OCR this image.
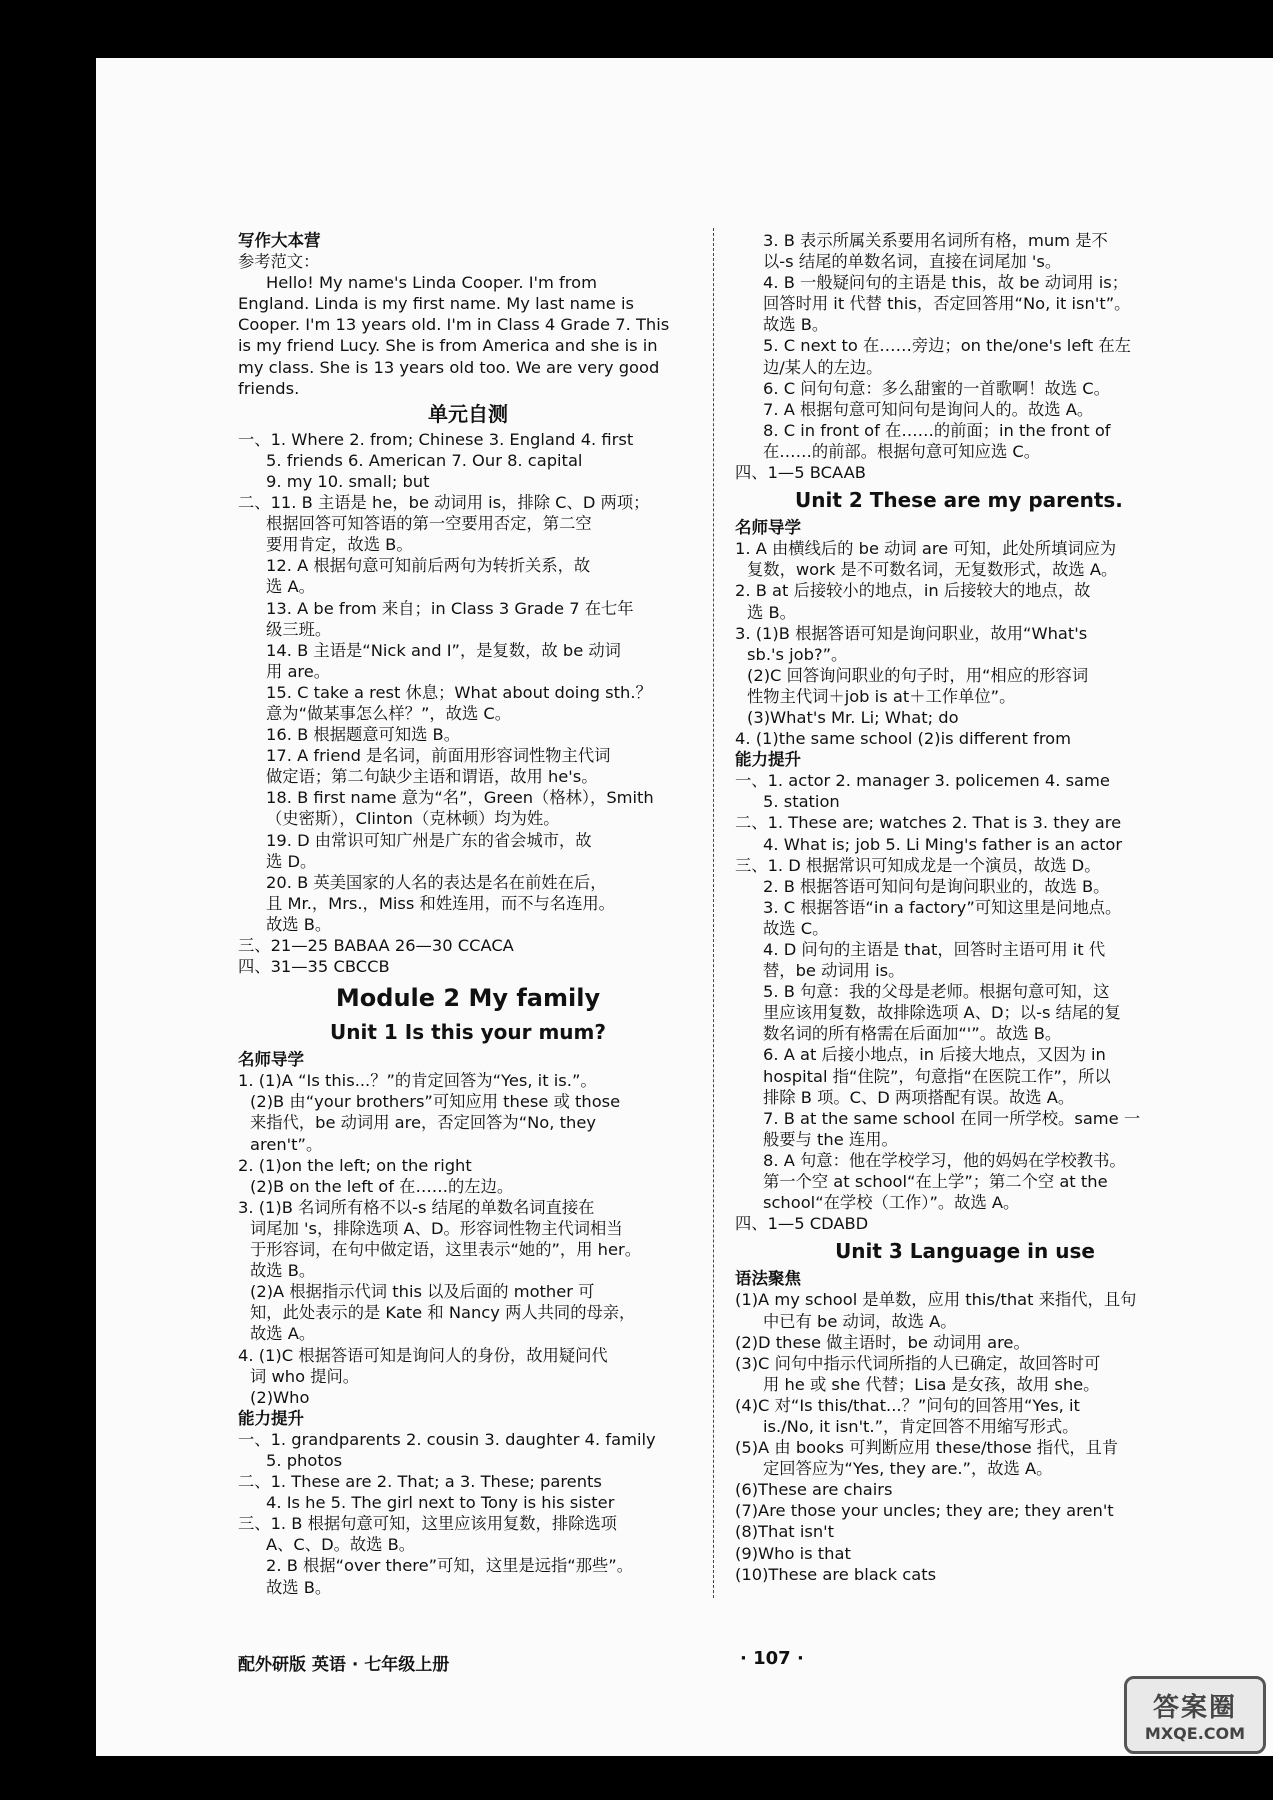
写作大本营
参考范文：
Hello! My name's Linda Cooper. I'm from
England. Linda is my first name. My last name is
Cooper. I'm 13 years old. I'm in Class 4 Grade 7. This
is my friend Lucy. She is from America and she is in
my class. She is 13 years old too. We are very good
friends.
单元自测
一、1. Where 2. from; Chinese 3. England 4. first
5. friends 6. American 7. Our 8. capital
9. my 10. small; but
二、11. B 主语是 he，be 动词用 is，排除 C、D 两项；
根据回答可知答语的第一空要用否定，第二空
要用肯定，故选 B。
12. A 根据句意可知前后两句为转折关系，故
选 A。
13. A be from 来自；in Class 3 Grade 7 在七年
级三班。
14. B 主语是“Nick and I”，是复数，故 be 动词
用 are。
15. C take a rest 休息；What about doing sth.？
意为“做某事怎么样？”，故选 C。
16. B 根据题意可知选 B。
17. A friend 是名词，前面用形容词性物主代词
做定语；第二句缺少主语和谓语，故用 he's。
18. B first name 意为“名”，Green（格林），Smith
（史密斯），Clinton（克林顿）均为姓。
19. D 由常识可知广州是广东的省会城市，故
选 D。
20. B 英美国家的人名的表达是名在前姓在后，
且 Mr.，Mrs.，Miss 和姓连用，而不与名连用。
故选 B。
三、21—25 BABAA 26—30 CCACA
四、31—35 CBCCB
Module 2 My family
Unit 1 Is this your mum?
名师导学
1. (1)A “Is this...？”的肯定回答为“Yes, it is.”。
(2)B 由“your brothers”可知应用 these 或 those
来指代，be 动词用 are，否定回答为“No, they
aren't”。
2. (1)on the left; on the right
(2)B on the left of 在……的左边。
3. (1)B 名词所有格不以-s 结尾的单数名词直接在
词尾加 's，排除选项 A、D。形容词性物主代词相当
于形容词，在句中做定语，这里表示“她的”，用 her。
故选 B。
(2)A 根据指示代词 this 以及后面的 mother 可
知，此处表示的是 Kate 和 Nancy 两人共同的母亲，
故选 A。
4. (1)C 根据答语可知是询问人的身份，故用疑问代
词 who 提问。
(2)Who
能力提升
一、1. grandparents 2. cousin 3. daughter 4. family
5. photos
二、1. These are 2. That; a 3. These; parents
4. Is he 5. The girl next to Tony is his sister
三、1. B 根据句意可知，这里应该用复数，排除选项
A、C、D。故选 B。
2. B 根据“over there”可知，这里是远指“那些”。
故选 B。
3. B 表示所属关系要用名词所有格，mum 是不
以-s 结尾的单数名词，直接在词尾加 's。
4. B 一般疑问句的主语是 this，故 be 动词用 is；
回答时用 it 代替 this，否定回答用“No, it isn't”。
故选 B。
5. C next to 在……旁边；on the/one's left 在左
边/某人的左边。
6. C 问句句意：多么甜蜜的一首歌啊！故选 C。
7. A 根据句意可知问句是询问人的。故选 A。
8. C in front of 在……的前面；in the front of
在……的前部。根据句意可知应选 C。
四、1—5 BCAAB
Unit 2 These are my parents.
名师导学
1. A 由横线后的 be 动词 are 可知，此处所填词应为
复数，work 是不可数名词，无复数形式，故选 A。
2. B at 后接较小的地点，in 后接较大的地点，故
选 B。
3. (1)B 根据答语可知是询问职业，故用“What's
sb.'s job?”。
(2)C 回答询问职业的句子时，用“相应的形容词
性物主代词＋job is at＋工作单位”。
(3)What's Mr. Li; What; do
4. (1)the same school (2)is different from
能力提升
一、1. actor 2. manager 3. policemen 4. same
5. station
二、1. These are; watches 2. That is 3. they are
4. What is; job 5. Li Ming's father is an actor
三、1. D 根据常识可知成龙是一个演员，故选 D。
2. B 根据答语可知问句是询问职业的，故选 B。
3. C 根据答语“in a factory”可知这里是问地点。
故选 C。
4. D 问句的主语是 that，回答时主语可用 it 代
替，be 动词用 is。
5. B 句意：我的父母是老师。根据句意可知，这
里应该用复数，故排除选项 A、D；以-s 结尾的复
数名词的所有格需在后面加“'”。故选 B。
6. A at 后接小地点，in 后接大地点，又因为 in
hospital 指“住院”，句意指“在医院工作”，所以
排除 B 项。C、D 两项搭配有误。故选 A。
7. B at the same school 在同一所学校。same 一
般要与 the 连用。
8. A 句意：他在学校学习，他的妈妈在学校教书。
第一个空 at school“在上学”；第二个空 at the
school“在学校（工作）”。故选 A。
四、1—5 CDABD
Unit 3 Language in use
语法聚焦
(1)A my school 是单数，应用 this/that 来指代，且句
中已有 be 动词，故选 A。
(2)D these 做主语时，be 动词用 are。
(3)C 问句中指示代词所指的人已确定，故回答时可
用 he 或 she 代替；Lisa 是女孩，故用 she。
(4)C 对“Is this/that...？”问句的回答用“Yes, it
is./No, it isn't.”，肯定回答不用缩写形式。
(5)A 由 books 可判断应用 these/those 指代，且肯
定回答应为“Yes, they are.”，故选 A。
(6)These are chairs
(7)Are those your uncles; they are; they aren't
(8)That isn't
(9)Who is that
(10)These are black cats
配外研版 英语 · 七年级上册	· 107 ·
答案圈
MXQE.COM
